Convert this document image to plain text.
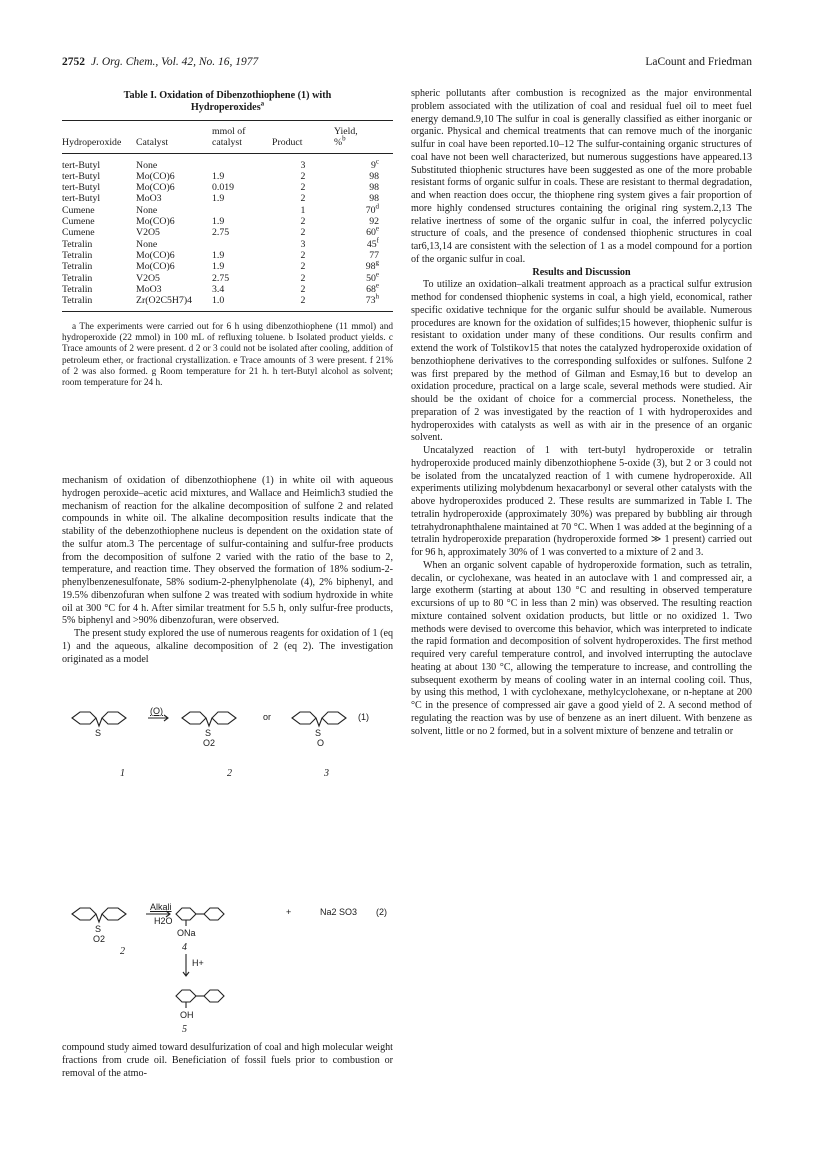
2752 J. Org. Chem., Vol. 42, No. 16, 1977	LaCount and Friedman
Table I. Oxidation of Dibenzothiophene (1) with
Hydroperoxides$^a$
		mmol of		Yield,
Hydroperoxide	Catalyst	catalyst	Product	%$^b$
tert-Butyl	None		3	9$^c$
tert-Butyl	Mo(CO)6	1.9	2	98
tert-Butyl	Mo(CO)6	0.019	2	98
tert-Butyl	MoO3	1.9	2	98
Cumene	None		1	70$^d$
Cumene	Mo(CO)6	1.9	2	92
Cumene	V2O5	2.75	2	60e
Tetralin	None		3	45$^f$
Tetralin	Mo(CO)6	1.9	2	77
Tetralin	Mo(CO)6	1.9	2	98$^g$
Tetralin	V2O5	2.75	2	50e
Tetralin	MoO3	3.4	2	68e
Tetralin	Zr(O2C5H7)4	1.0	2	73$^h$

a The experiments were carried out for 6 h using dibenzothiophene (11 mmol) and hydroperoxide (22 mmol) in 100 mL of refluxing toluene. b Isolated product yields. c Trace amounts of 2 were present. d 2 or 3 could not be isolated after cooling, addition of petroleum ether, or fractional crystallization. e Trace amounts of 3 were present. f 21% of 2 was also formed. g Room temperature for 21 h. h tert-Butyl alcohol as solvent; room temperature for 24 h.

mechanism of oxidation of dibenzothiophene (1) in white oil with aqueous hydrogen peroxide–acetic acid mixtures, and Wallace and Heimlich3 studied the mechanism of reaction for the alkaline decomposition of sulfone 2 and related compounds in white oil. The alkaline decomposition results indicate that the stability of the debenzothiophene nucleus is dependent on the oxidation state of the sulfur atom.3 The percentage of sulfur-containing and sulfur-free products from the decomposition of sulfone 2 varied with the ratio of the base to 2, temperature, and reaction time. They observed the formation of 18% sodium-2-phenylbenzenesulfonate, 58% sodium-2-phenylphenolate (4), 2% biphenyl, and 19.5% dibenzofuran when sulfone 2 was treated with sodium hydroxide in white oil at 300 °C for 4 h. After similar treatment for 5.5 h, only sulfur-free products, 5% biphenyl and >90% dibenzofuran, were observed.

The present study explored the use of numerous reagents for oxidation of 1 (eq 1) and the aqueous, alkaline decomposition of 2 (eq 2). The investigation originated as a model

S
(O)
S
O2
or
S
O
(1)
1	2	3
S
O2
Alkali
H2O
ONa
+	Na2 SO3 (2)
2	4
H+
OH
5

compound study aimed toward desulfurization of coal and high molecular weight fractions from crude oil. Beneficiation of fossil fuels prior to combustion or removal of the atmo-

spheric pollutants after combustion is recognized as the major environmental problem associated with the utilization of coal and residual fuel oil to meet fuel energy demand.9,10 The sulfur in coal is generally classified as either inorganic or organic. Physical and chemical treatments that can remove much of the inorganic sulfur in coal have been reported.10–12 The sulfur-containing organic structures of coal have not been well characterized, but numerous suggestions have appeared.13 Substituted thiophenic structures have been suggested as one of the more probable resistant forms of organic sulfur in coals. These are resistant to thermal degradation, and when reaction does occur, the thiophene ring system gives a fair proportion of more highly condensed structures containing the original ring system.2,13 The relative inertness of some of the organic sulfur in coal, the inferred polycyclic structure of coals, and the presence of condensed thiophenic structures in coal tar6,13,14 are consistent with the selection of 1 as a model compound for a portion of the organic sulfur in coal.

Results and Discussion

To utilize an oxidation–alkali treatment approach as a practical sulfur extrusion method for condensed thiophenic systems in coal, a high yield, economical, rather specific oxidative technique for the organic sulfur should be available. Numerous procedures are known for the oxidation of sulfides;15 however, thiophenic sulfur is resistant to oxidation under many of these conditions. Our results confirm and extend the work of Tolstikov15 that notes the catalyzed hydroperoxide oxidation of benzothiophene derivatives to the corresponding sulfoxides or sulfones. Sulfone 2 was first prepared by the method of Gilman and Esmay,16 but to develop an oxidation procedure, practical on a large scale, several methods were studied. Air should be the oxidant of choice for a commercial process. Nonetheless, the preparation of 2 was investigated by the reaction of 1 with hydroperoxides and hydroperoxides with catalysts as well as with air in the presence of an organic solvent.

Uncatalyzed reaction of 1 with tert-butyl hydroperoxide or tetralin hydroperoxide produced mainly dibenzothiophene 5-oxide (3), but 2 or 3 could not be isolated from the uncatalyzed reaction of 1 with cumene hydroperoxide. All experiments utilizing molybdenum hexacarbonyl or several other catalysts with the above hydroperoxides produced 2. These results are summarized in Table I. The tetralin hydroperoxide (approximately 30%) was prepared by bubbling air through tetrahydronaphthalene maintained at 70 °C. When 1 was added at the beginning of a tetralin hydroperoxide preparation (hydroperoxide formed ≫ 1 present) carried out for 96 h, approximately 30% of 1 was converted to a mixture of 2 and 3.

When an organic solvent capable of hydroperoxide formation, such as tetralin, decalin, or cyclohexane, was heated in an autoclave with 1 and compressed air, a large exotherm (starting at about 130 °C and resulting in observed temperature excursions of up to 80 °C in less than 2 min) was observed. The resulting reaction mixture contained solvent oxidation products, but little or no oxidized 1. Two methods were devised to overcome this behavior, which was interpreted to indicate the rapid formation and decomposition of solvent hydroperoxides. The first method required very careful temperature control, and involved interrupting the autoclave heating at about 130 °C, allowing the temperature to increase, and controlling the subsequent exotherm by means of cooling water in an internal cooling coil. Thus, by using this method, 1 with cyclohexane, methylcyclohexane, or n-heptane at 200 °C in the presence of compressed air gave a good yield of 2. A second method of regulating the reaction was by use of benzene as an inert diluent. With benzene as solvent, little or no 2 formed, but in a solvent mixture of benzene and tetralin or
